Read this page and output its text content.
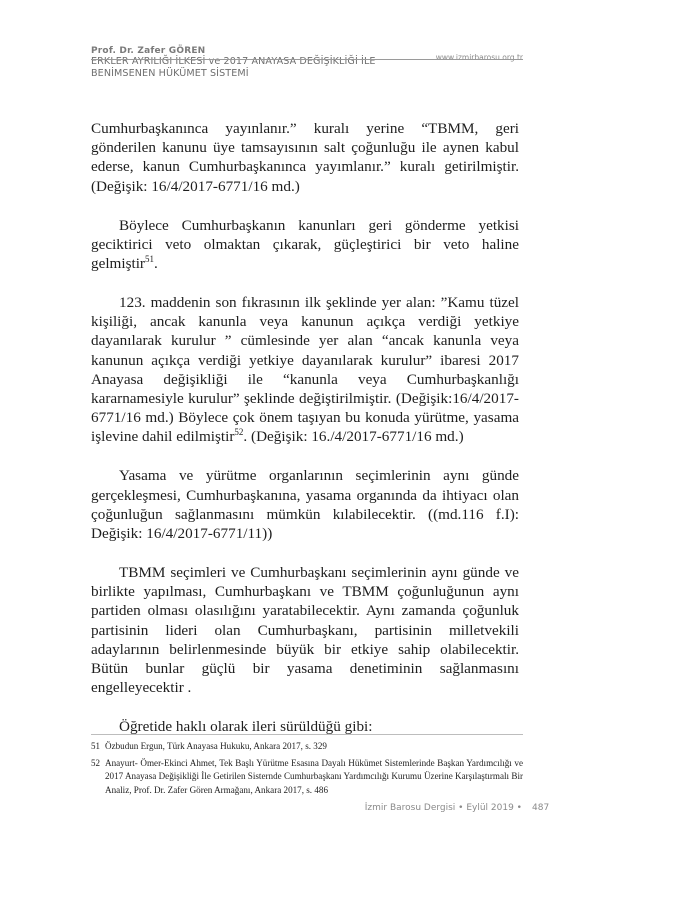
Prof. Dr. Zafer GÖREN
www.izmirbarosu.org.tr
ERKLER AYRILIĞI İLKESİ ve 2017 ANAYASA DEĞİŞİKLİĞİ İLE
BENİMSENEN HÜKÜMET SİSTEMİ

Cumhurbaşkanınca yayınlanır.” kuralı yerine “TBMM, geri gönderilen kanunu üye tamsayısının salt çoğunluğu ile aynen kabul ederse, kanun Cumhurbaşkanınca yayımlanır.” kuralı getirilmiştir.(Değişik: 16/4/2017-6771/16 md.)

Böylece Cumhurbaşkanın kanunları geri gönderme yetkisi geciktirici veto olmaktan çıkarak, güçleştirici bir veto haline gelmiştir$^{51}$.

123. maddenin son fıkrasının ilk şeklinde yer alan: ”Kamu tüzel kişiliği, ancak kanunla veya kanunun açıkça verdiği yetkiye dayanılarak kurulur ” cümlesinde yer alan “ancak kanunla veya kanunun açıkça verdiği yetkiye dayanılarak kurulur” ibaresi 2017 Anayasa değişikliği ile “kanunla veya Cumhurbaşkanlığı kararnamesiyle kurulur” şeklinde değiştirilmiştir. (Değişik:16/4/2017-6771/16 md.) Böylece çok önem taşıyan bu konuda yürütme, yasama işlevine dahil edilmiştir$^{52}$. (Değişik: 16./4/2017-6771/16 md.)

Yasama ve yürütme organlarının seçimlerinin aynı günde gerçekleşmesi, Cumhurbaşkanına, yasama organında da ihtiyacı olan çoğunluğun sağlanmasını mümkün kılabilecektir. ((md.116 f.I): Değişik: 16/4/2017-6771/11))

TBMM seçimleri ve Cumhurbaşkanı seçimlerinin aynı günde ve birlikte yapılması, Cumhurbaşkanı ve TBMM çoğunluğunun aynı partiden olması olasılığını yaratabilecektir. Aynı zamanda çoğunluk partisinin lideri olan Cumhurbaşkanı, partisinin milletvekili adaylarının belirlenmesinde büyük bir etkiye sahip olabilecektir. Bütün bunlar güçlü bir yasama denetiminin sağlanmasını engelleyecektir .

Öğretide haklı olarak ileri sürüldüğü gibi:

51 Özbudun Ergun, Türk Anayasa Hukuku, Ankara 2017, s. 329
52 Anayurt- Ömer-Ekinci Ahmet, Tek Başlı Yürütme Esasına Dayalı Hükümet Sistemlerinde Başkan Yardımcılığı ve 2017 Anayasa Değişikliği İle Getirilen Sisternde Cumhurbaşkanı Yardımcılığı Kurumu Üzerine Karşılaştırmalı Bir Analiz, Prof. Dr. Zafer Gören Armağanı, Ankara 2017, s. 486
İzmir Barosu Dergisi • Eylül 2019 • 487
